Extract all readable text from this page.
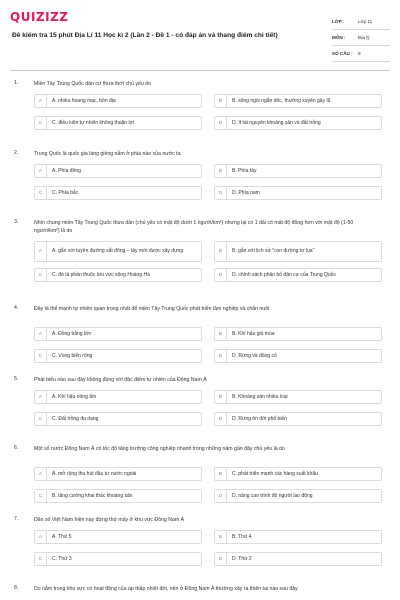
QUIZIZZ
Đề kiểm tra 15 phút Địa Lí 11 Học kì 2 (Lần 2 - Đề 1 - có đáp án và thang điểm chi tiết)
LỚP :	Lớp 11
MÔN :	Địa lý
SỐ CÂU :	9
1.	Miền Tây Trung Quốc dân cư thưa thớt chủ yếu do
A	A. nhiều hoang mạc, bồn địa	B	B. sông ngòi ngắn dốc, thường xuyên gây lũ
C	C. điều kiện tự nhiên không thuận lợi	D	D. ít tài nguyên khoáng sản và đất trồng
2.	Trung Quốc là quốc gia láng giềng nằm ở phía nào của nước ta
A	A. Phía đông	B	B. Phía tây
C	C. Phía bắc	D	D. Phía nam
3.	Nhìn chung miền Tây Trung Quốc thưa dân (chủ yếu có mật độ dưới 1 người/km²) nhưng lại có 1 dải có mật độ đông hơn với mật độ (1-50 người/km²) là do
A	A. gắn với tuyến đường sắt đông – tây mới được xây dựng	B	B. gắn với lịch sử "con đường tơ lụa"
C	C. đó là phần thuộc lưu vực sông Hoàng Hà	D	D. chính sách phân bố dân cư của Trung Quốc
4.	Đây là thế mạnh tự nhiên quan trọng nhất để miền Tây Trung Quốc phát triển lâm nghiệp và chăn nuôi
A	A. Đồng bằng lớn	B	B. Khí hậu gió mùa
C	C. Vùng biển rộng	D	D. Rừng và đồng cỏ
5.	Phát biểu nào sau đây không đúng với đặc điểm tự nhiên của Đông Nam Á
A	A. Khí hậu nóng ẩm	B	B. Khoáng sản nhiều loại
C	C. Đất trồng đa dạng	D	D. Rừng ôn đới phổ biến
6.	Một số nước Đông Nam Á có tốc độ tăng trưởng công nghiệp nhanh trong những năm gần đây chủ yếu là do
A	A. mở rộng thu hút đầu tư nước ngoài	B	C. phát triển mạnh các hàng xuất khẩu
C	B. tăng cường khai thác khoáng sản	D	D. nâng cao trình độ người lao động
7.	Dân số Việt Nam hiện nay đứng thứ mấy ở khu vực Đông Nam Á
A	A. Thứ 5	B	B. Thứ 4
C	C. Thứ 3	D	D. Thứ 2
8.	Do nằm trong khu vực có hoạt động của áp thấp nhiệt đới, nên ở Đông Nam Á thường xảy ra thiên tai nào sau đây
